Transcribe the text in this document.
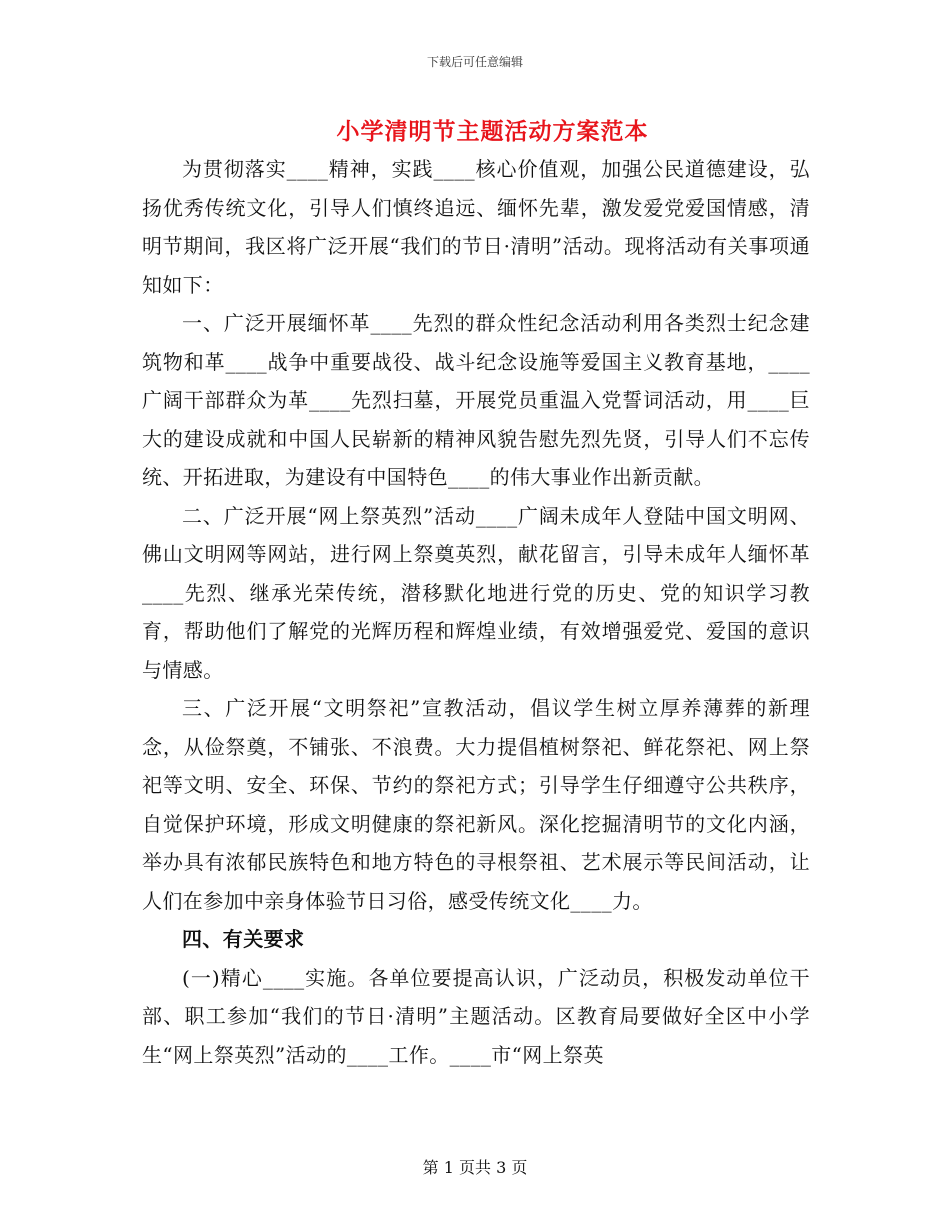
下载后可任意编辑
小学清明节主题活动方案范本

为贯彻落实____精神，实践____核心价值观，加强公民道德建设，弘扬优秀传统文化，引导人们慎终追远、缅怀先辈，激发爱党爱国情感，清明节期间，我区将广泛开展“我们的节日·清明”活动。现将活动有关事项通知如下：

一、广泛开展缅怀革____先烈的群众性纪念活动利用各类烈士纪念建筑物和革____战争中重要战役、战斗纪念设施等爱国主义教育基地，____广阔干部群众为革____先烈扫墓，开展党员重温入党誓词活动，用____巨大的建设成就和中国人民崭新的精神风貌告慰先烈先贤，引导人们不忘传统、开拓进取，为建设有中国特色____的伟大事业作出新贡献。

二、广泛开展“网上祭英烈”活动____广阔未成年人登陆中国文明网、佛山文明网等网站，进行网上祭奠英烈，献花留言，引导未成年人缅怀革____先烈、继承光荣传统，潜移默化地进行党的历史、党的知识学习教育，帮助他们了解党的光辉历程和辉煌业绩，有效增强爱党、爱国的意识与情感。

三、广泛开展“文明祭祀”宣教活动，倡议学生树立厚养薄葬的新理念，从俭祭奠，不铺张、不浪费。大力提倡植树祭祀、鲜花祭祀、网上祭祀等文明、安全、环保、节约的祭祀方式；引导学生仔细遵守公共秩序，自觉保护环境，形成文明健康的祭祀新风。深化挖掘清明节的文化内涵，举办具有浓郁民族特色和地方特色的寻根祭祖、艺术展示等民间活动，让人们在参加中亲身体验节日习俗，感受传统文化____力。

四、有关要求

(一)精心____实施。各单位要提高认识，广泛动员，积极发动单位干部、职工参加“我们的节日·清明”主题活动。区教育局要做好全区中小学生“网上祭英烈”活动的____工作。____市“网上祭英

第 1 页共 3 页
